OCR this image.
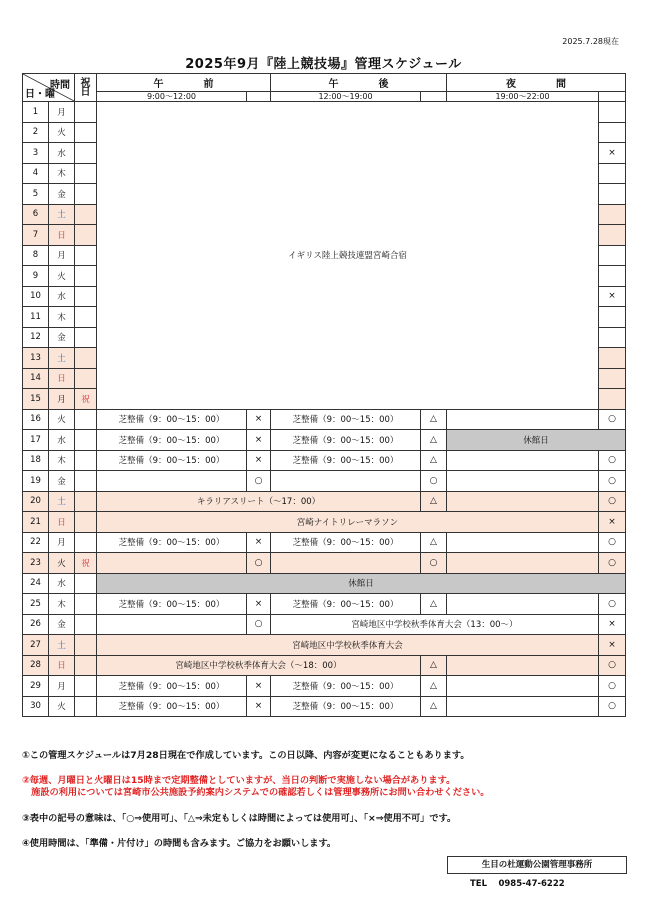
2025.7.28現在
2025年9月『陸上競技場』管理スケジュール
時間
日・曜		祝日	午　　　　前		午　　　　後		夜　　　　間		
			9:00～12:00		12:00～19:00		19:00～22:00		
1	月		イギリス陸上競技連盟宮崎合宿		
2	火			
3	水							×	
4	木			
5	金			
6	土			
7	日			
8	月			
9	火			
10	水							×	
11	木			
12	金			
13	土			
14	日			
15	月	祝		
16	火		芝整備（9：00～15：00）	×	芝整備（9：00～15：00）	△		○	
17	水		芝整備（9：00～15：00）	×	芝整備（9：00～15：00）	△	休館日		
18	木		芝整備（9：00～15：00）	×	芝整備（9：00～15：00）	△		○	
19	金			○		○		○	
20	土		キラリアスリート（～17：00）			△		○	
21	日		宮崎ナイトリレーマラソン					×	
22	月		芝整備（9：00～15：00）	×	芝整備（9：00～15：00）	△		○	
23	火	祝		○		○		○	
24	水		休館日						
25	木		芝整備（9：00～15：00）	×	芝整備（9：00～15：00）	△		○	
26	金			○	宮崎地区中学校秋季体育大会（13：00～）			×	
27	土		宮崎地区中学校秋季体育大会					×	
28	日		宮崎地区中学校秋季体育大会（～18：00）			△		○	
29	月		芝整備（9：00～15：00）	×	芝整備（9：00～15：00）	△		○	
30	火		芝整備（9：00～15：00）	×	芝整備（9：00～15：00）	△		○	

①この管理スケジュールは7月28日現在で作成しています。この日以降、内容が変更になることもあります。

②毎週、月曜日と火曜日は15時まで定期整備としていますが、当日の判断で実施しない場合があります。

　施設の利用については宮崎市公共施設予約案内システムでの確認若しくは管理事務所にお問い合わせください。

③表中の記号の意味は、「○⇒使用可」、「△⇒未定もしくは時間によっては使用可」、「×⇒使用不可」です。

④使用時間は、「準備・片付け」の時間も含みます。ご協力をお願いします。

生目の杜運動公園管理事務所
TEL　 0985-47-6222
